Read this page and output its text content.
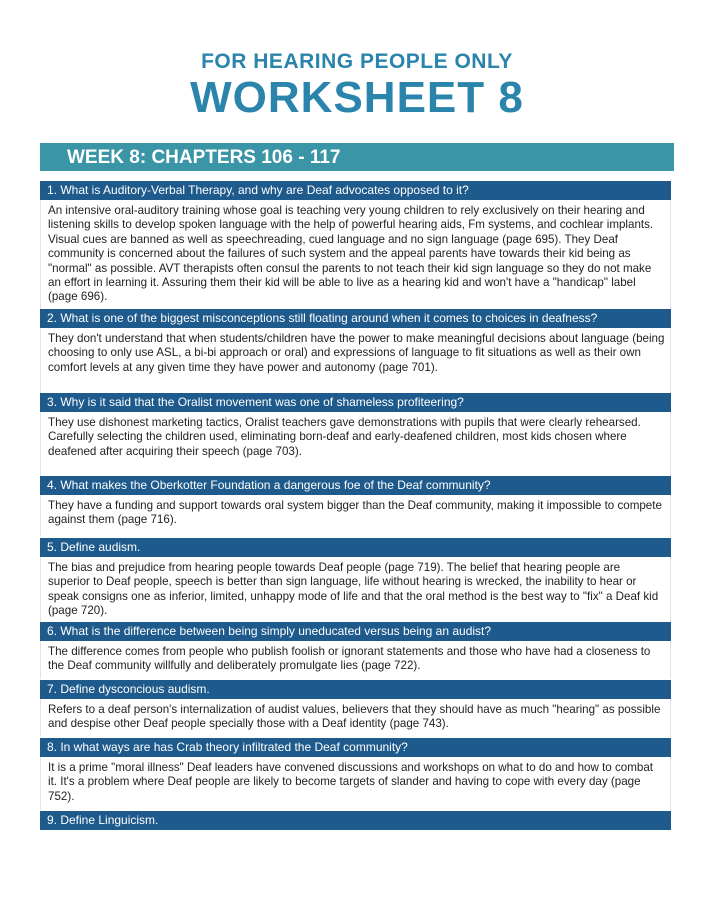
FOR HEARING PEOPLE ONLY
WORKSHEET 8
WEEK 8: CHAPTERS 106 - 117
1. What is Auditory-Verbal Therapy, and why are Deaf advocates opposed to it?
An intensive oral-auditory training whose goal is teaching very young children to rely exclusively on their hearing and listening skills to develop spoken language with the help of powerful hearing aids, Fm systems, and cochlear implants. Visual cues are banned as well as speechreading, cued language and no sign language (page 695). They Deaf community is concerned about the failures of such system and the appeal parents have towards their kid being as "normal" as possible. AVT therapists often consul the parents to not teach their kid sign language so they do not make an effort in learning it. Assuring them their kid will be able to live as a hearing kid and won't have a "handicap" label (page 696).
2. What is one of the biggest misconceptions still floating around when it comes to choices in deafness?
They don't understand that when students/children have the power to make meaningful decisions about language (being choosing to only use ASL, a bi-bi approach or oral) and expressions of language to fit situations as well as their own comfort levels at any given time they have power and autonomy (page 701).
3. Why is it said that the Oralist movement was one of shameless profiteering?
They use dishonest marketing tactics, Oralist teachers gave demonstrations with pupils that were clearly rehearsed. Carefully selecting the children used, eliminating born-deaf and early-deafened children, most kids chosen where deafened after acquiring their speech (page 703).
4. What makes the Oberkotter Foundation a dangerous foe of the Deaf community?
They have a funding and support towards oral system bigger than the Deaf community, making it impossible to compete against them (page 716).
5. Define audism.
The bias and prejudice from hearing people towards Deaf people (page 719). The belief that hearing people are superior to Deaf people, speech is better than sign language, life without hearing is wrecked, the inability to hear or speak consigns one as inferior, limited, unhappy mode of life and that the oral method is the best way to "fix" a Deaf kid (page 720).
6. What is the difference between being simply uneducated versus being an audist?
The difference comes from people who publish foolish or ignorant statements and those who have had a closeness to the Deaf community willfully and deliberately promulgate lies (page 722).
7. Define dysconcious audism.
Refers to a deaf person's internalization of audist values, believers that they should have as much "hearing" as possible and despise other Deaf people specially those with a Deaf identity (page 743).
8. In what ways are has Crab theory infiltrated the Deaf community?
It is a prime "moral illness" Deaf leaders have convened discussions and workshops on what to do and how to combat it. It's a problem where Deaf people are likely to become targets of slander and having to cope with every day (page 752).
9. Define Linguicism.
